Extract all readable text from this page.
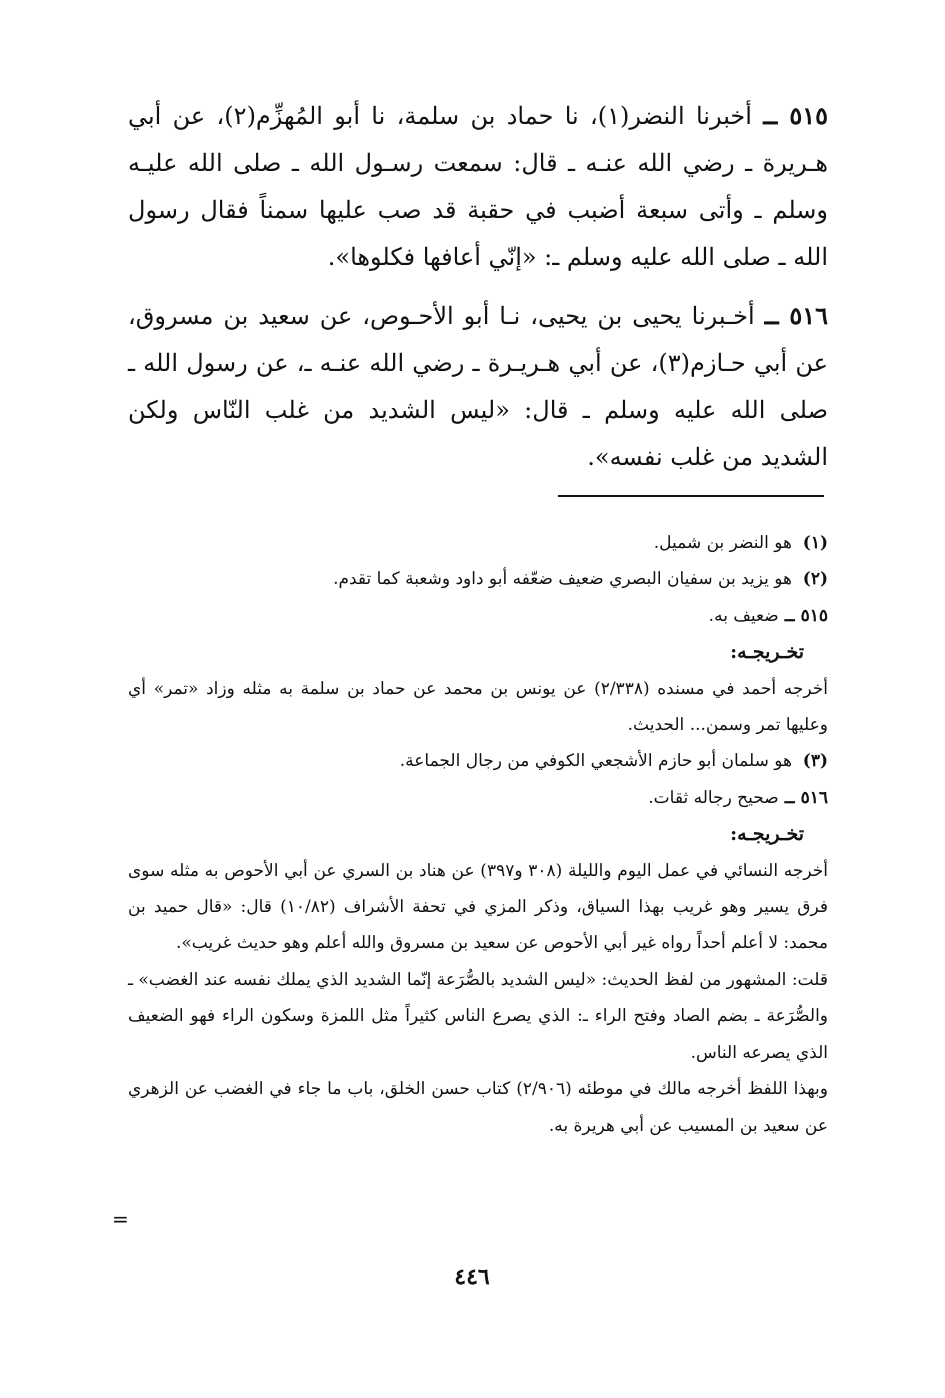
٥١٥ ــ أخبرنا النضر(١)، نا حماد بن سلمة، نا أبو المُهزِّم(٢)، عن أبي هـريرة ـ رضي الله عنـه ـ قال: سمعت رسـول الله ـ صلى الله عليـه وسلم ـ وأتى سبعة أضبب في حقبة قد صب عليها سمناً فقال رسول الله ـ صلى الله عليه وسلم ـ: «إنّي أعافها فكلوها».

٥١٦ ــ أخـبرنا يحيى بن يحيى، نـا أبو الأحـوص، عن سعيد بن مسروق، عن أبي حـازم(٣)، عن أبي هـريـرة ـ رضي الله عنـه ـ، عن رسول الله ـ صلى الله عليه وسلم ـ قال: «ليس الشديد من غلب النّاس ولكن الشديد من غلب نفسه».

(١)هو النضر بن شميل.

(٢)هو يزيد بن سفيان البصري ضعيف ضعّفه أبو داود وشعبة كما تقدم.

٥١٥ ــضعيف به.

تخـريجـه:

أخرجه أحمد في مسنده (٢/٣٣٨) عن يونس بن محمد عن حماد بن سلمة به مثله وزاد «تمر» أي وعليها تمر وسمن... الحديث.

(٣)هو سلمان أبو حازم الأشجعي الكوفي من رجال الجماعة.

٥١٦ ــصحيح رجاله ثقات.

تخـريجـه:

أخرجه النسائي في عمل اليوم والليلة (٣٠٨ و٣٩٧) عن هناد بن السري عن أبي الأحوص به مثله سوى فرق يسير وهو غريب بهذا السياق، وذكر المزي في تحفة الأشراف (١٠/٨٢) قال: «قال حميد بن محمد: لا أعلم أحداً رواه غير أبي الأحوص عن سعيد بن مسروق والله أعلم وهو حديث غريب».

قلت: المشهور من لفظ الحديث: «ليس الشديد بالصُّرَعة إنّما الشديد الذي يملك نفسه عند الغضب» ـ والصُّرَعة ـ بضم الصاد وفتح الراء ـ: الذي يصرع الناس كثيراً مثل اللمزة وسكون الراء فهو الضعيف الذي يصرعه الناس.

وبهذا اللفظ أخرجه مالك في موطئه (٢/٩٠٦) كتاب حسن الخلق، باب ما جاء في الغضب عن الزهري عن سعيد بن المسيب عن أبي هريرة به.

=
٤٤٦
